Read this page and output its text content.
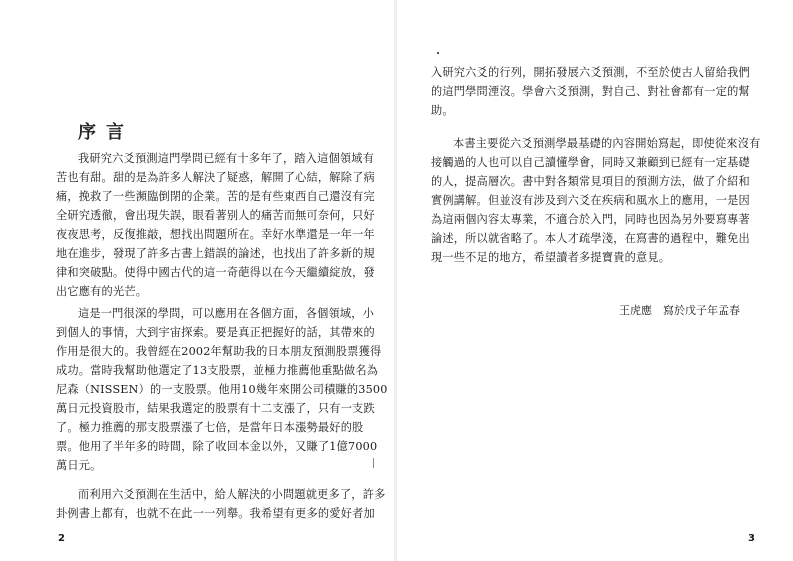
序言
我研究六爻預測這門學問已經有十多年了，踏入這個領域有
苦也有甜。甜的是為許多人解決了疑惑，解開了心結，解除了病
痛，挽救了一些瀕臨倒閉的企業。苦的是有些東西自己還沒有完
全研究透徹，會出現失誤，眼看著别人的痛苦而無可奈何，只好
夜夜思考，反復推敲，想找出問題所在。幸好水準還是一年一年
地在進步，發現了許多古書上錯誤的論述，也找出了許多新的規
律和突破點。使得中國古代的這一奇葩得以在今天繼續綻放，發
出它應有的光芒。
這是一門很深的學問，可以應用在各個方面，各個領域，小
到個人的事情，大到宇宙探索。要是真正把握好的話，其帶來的
作用是很大的。我曾經在2002年幫助我的日本朋友預測股票獲得
成功。當時我幫助他選定了13支股票，並極力推薦他重點做名為
尼森（NISSEN）的一支股票。他用10幾年來開公司積賺的3500
萬日元投資股市，結果我選定的股票有十二支漲了，只有一支跌
了。極力推薦的那支股票漲了七倍，是當年日本漲勢最好的股
票。他用了半年多的時間，除了收回本金以外，又賺了1億7000
萬日元。
而利用六爻預測在生活中，給人解決的小問題就更多了，許多
卦例書上都有，也就不在此一一列舉。我希望有更多的愛好者加
2
入研究六爻的行列，開拓發展六爻預測，不至於使古人留給我們
的這門學問湮沒。學會六爻預測，對自己、對社會都有一定的幫
助。
本書主要從六爻預測學最基礎的內容開始寫起，即使從來沒有
接觸過的人也可以自己讀懂學會，同時又兼顧到已經有一定基礎
的人，提高層次。書中對各類常見項目的預測方法，做了介紹和
實例講解。但並沒有涉及到六爻在疾病和風水上的應用，一是因
為這兩個內容太專業，不適合於入門，同時也因為另外要寫專著
論述，所以就省略了。本人才疏學淺，在寫書的過程中，難免出
現一些不足的地方，希望讀者多提寶貴的意見。
王虎應　寫於戊子年孟春
3
